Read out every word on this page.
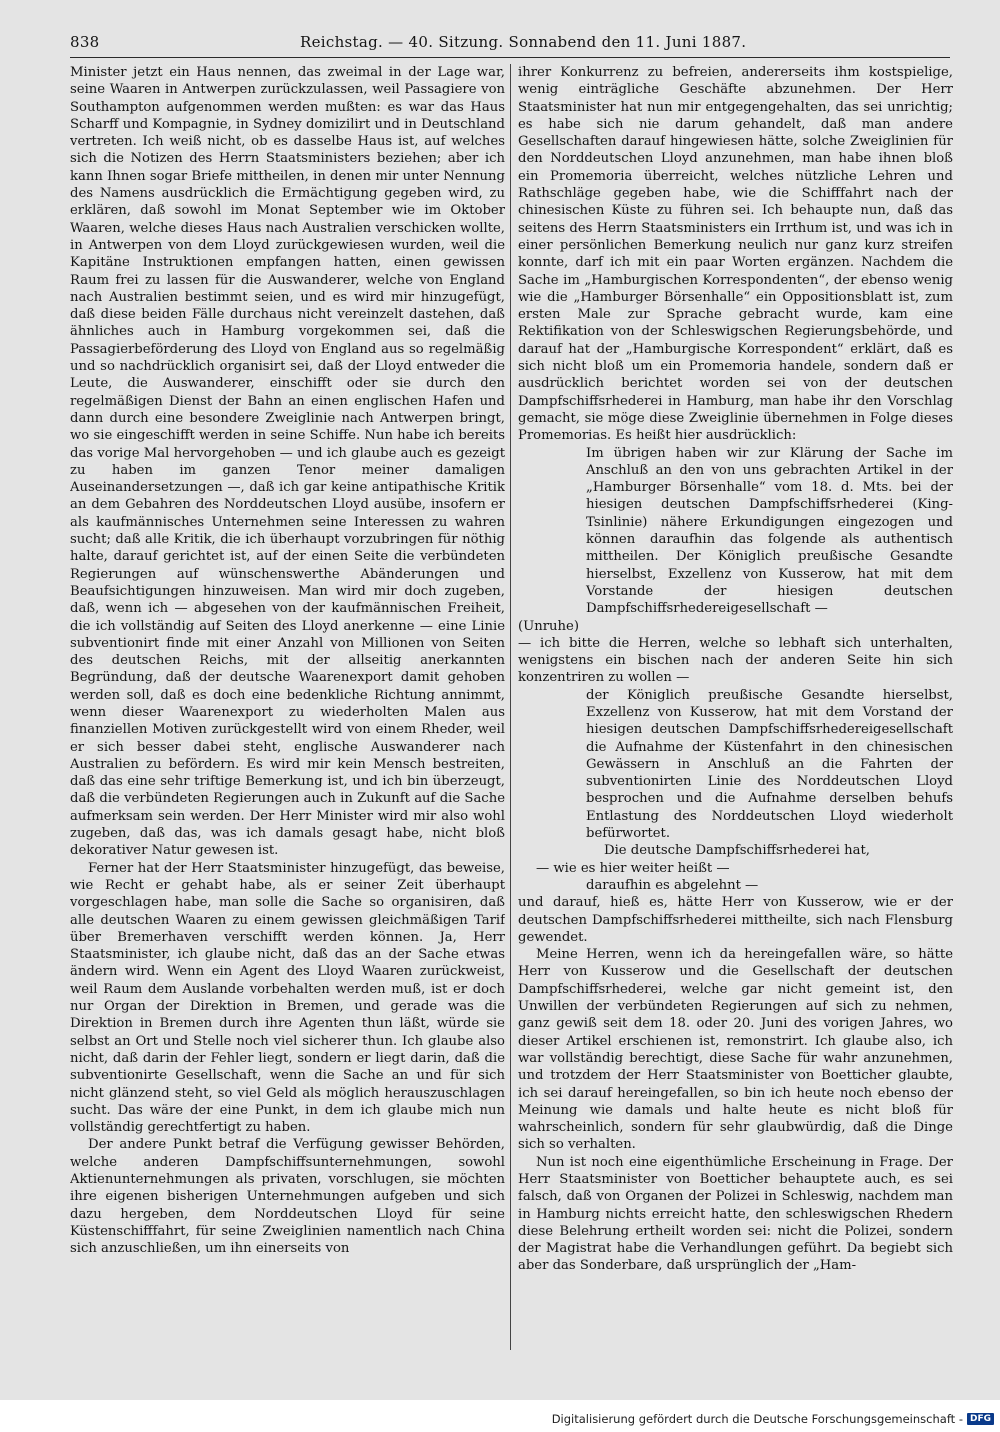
838	Reichstag. — 40. Sitzung. Sonnabend den 11. Juni 1887.

Minister jetzt ein Haus nennen, das zweimal in der Lage war, seine Waaren in Antwerpen zurückzulassen, weil Passagiere von Southampton aufgenommen werden mußten: es war das Haus Scharff und Kompagnie, in Sydney domizilirt und in Deutschland vertreten. Ich weiß nicht, ob es dasselbe Haus ist, auf welches sich die Notizen des Herrn Staatsministers beziehen; aber ich kann Ihnen sogar Briefe mittheilen, in denen mir unter Nennung des Namens ausdrücklich die Ermächtigung gegeben wird, zu erklären, daß sowohl im Monat September wie im Oktober Waaren, welche dieses Haus nach Australien verschicken wollte, in Antwerpen von dem Lloyd zurückgewiesen wurden, weil die Kapitäne Instruktionen empfangen hatten, einen gewissen Raum frei zu lassen für die Auswanderer, welche von England nach Australien bestimmt seien, und es wird mir hinzugefügt, daß diese beiden Fälle durchaus nicht vereinzelt dastehen, daß ähnliches auch in Hamburg vorgekommen sei, daß die Passagierbeförderung des Lloyd von England aus so regelmäßig und so nachdrücklich organisirt sei, daß der Lloyd entweder die Leute, die Auswanderer, einschifft oder sie durch den regelmäßigen Dienst der Bahn an einen englischen Hafen und dann durch eine besondere Zweiglinie nach Antwerpen bringt, wo sie eingeschifft werden in seine Schiffe. Nun habe ich bereits das vorige Mal hervorgehoben — und ich glaube auch es gezeigt zu haben im ganzen Tenor meiner damaligen Auseinandersetzungen —, daß ich gar keine antipathische Kritik an dem Gebahren des Norddeutschen Lloyd ausübe, insofern er als kaufmännisches Unternehmen seine Interessen zu wahren sucht; daß alle Kritik, die ich überhaupt vorzubringen für nöthig halte, darauf gerichtet ist, auf der einen Seite die verbündeten Regierungen auf wünschenswerthe Abänderungen und Beaufsichtigungen hinzuweisen. Man wird mir doch zugeben, daß, wenn ich — abgesehen von der kaufmännischen Freiheit, die ich vollständig auf Seiten des Lloyd anerkenne — eine Linie subventionirt finde mit einer Anzahl von Millionen von Seiten des deutschen Reichs, mit der allseitig anerkannten Begründung, daß der deutsche Waarenexport damit gehoben werden soll, daß es doch eine bedenkliche Richtung annimmt, wenn dieser Waarenexport zu wiederholten Malen aus finanziellen Motiven zurückgestellt wird von einem Rheder, weil er sich besser dabei steht, englische Auswanderer nach Australien zu befördern. Es wird mir kein Mensch bestreiten, daß das eine sehr triftige Bemerkung ist, und ich bin überzeugt, daß die verbündeten Regierungen auch in Zukunft auf die Sache aufmerksam sein werden. Der Herr Minister wird mir also wohl zugeben, daß das, was ich damals gesagt habe, nicht bloß dekorativer Natur gewesen ist.

Ferner hat der Herr Staatsminister hinzugefügt, das beweise, wie Recht er gehabt habe, als er seiner Zeit überhaupt vorgeschlagen habe, man solle die Sache so organisiren, daß alle deutschen Waaren zu einem gewissen gleichmäßigen Tarif über Bremerhaven verschifft werden können. Ja, Herr Staatsminister, ich glaube nicht, daß das an der Sache etwas ändern wird. Wenn ein Agent des Lloyd Waaren zurückweist, weil Raum dem Auslande vorbehalten werden muß, ist er doch nur Organ der Direktion in Bremen, und gerade was die Direktion in Bremen durch ihre Agenten thun läßt, würde sie selbst an Ort und Stelle noch viel sicherer thun. Ich glaube also nicht, daß darin der Fehler liegt, sondern er liegt darin, daß die subventionirte Gesellschaft, wenn die Sache an und für sich nicht glänzend steht, so viel Geld als möglich herauszuschlagen sucht. Das wäre der eine Punkt, in dem ich glaube mich nun vollständig gerechtfertigt zu haben.

Der andere Punkt betraf die Verfügung gewisser Behörden, welche anderen Dampfschiffsunternehmungen, sowohl Aktienunternehmungen als privaten, vorschlugen, sie möchten ihre eigenen bisherigen Unternehmungen aufgeben und sich dazu hergeben, dem Norddeutschen Lloyd für seine Küstenschifffahrt, für seine Zweiglinien namentlich nach China sich anzuschließen, um ihn einerseits von

ihrer Konkurrenz zu befreien, andererseits ihm kostspielige, wenig einträgliche Geschäfte abzunehmen. Der Herr Staatsminister hat nun mir entgegengehalten, das sei unrichtig; es habe sich nie darum gehandelt, daß man andere Gesellschaften darauf hingewiesen hätte, solche Zweiglinien für den Norddeutschen Lloyd anzunehmen, man habe ihnen bloß ein Promemoria überreicht, welches nützliche Lehren und Rathschläge gegeben habe, wie die Schifffahrt nach der chinesischen Küste zu führen sei. Ich behaupte nun, daß das seitens des Herrn Staatsministers ein Irrthum ist, und was ich in einer persönlichen Bemerkung neulich nur ganz kurz streifen konnte, darf ich mit ein paar Worten ergänzen. Nachdem die Sache im „Hamburgischen Korrespondenten“, der ebenso wenig wie die „Hamburger Börsenhalle“ ein Oppositionsblatt ist, zum ersten Male zur Sprache gebracht wurde, kam eine Rektifikation von der Schleswigschen Regierungsbehörde, und darauf hat der „Hamburgische Korrespondent“ erklärt, daß es sich nicht bloß um ein Promemoria handele, sondern daß er ausdrücklich berichtet worden sei von der deutschen Dampfschiffsrhederei in Hamburg, man habe ihr den Vorschlag gemacht, sie möge diese Zweiglinie übernehmen in Folge dieses Promemorias. Es heißt hier ausdrücklich:

Im übrigen haben wir zur Klärung der Sache im Anschluß an den von uns gebrachten Artikel in der „Hamburger Börsenhalle“ vom 18. d. Mts. bei der hiesigen deutschen Dampfschiffsrhederei (King-Tsinlinie) nähere Erkundigungen eingezogen und können daraufhin das folgende als authentisch mittheilen. Der Königlich preußische Gesandte hierselbst, Exzellenz von Kusserow, hat mit dem Vorstande der hiesigen deutschen Dampfschiffsrhedereigesellschaft —

(Unruhe)

— ich bitte die Herren, welche so lebhaft sich unterhalten, wenigstens ein bischen nach der anderen Seite hin sich konzentriren zu wollen —

der Königlich preußische Gesandte hierselbst, Exzellenz von Kusserow, hat mit dem Vorstand der hiesigen deutschen Dampfschiffsrhedereigesellschaft die Aufnahme der Küstenfahrt in den chinesischen Gewässern in Anschluß an die Fahrten der subventionirten Linie des Norddeutschen Lloyd besprochen und die Aufnahme derselben behufs Entlastung des Norddeutschen Lloyd wiederholt befürwortet.

Die deutsche Dampfschiffsrhederei hat,

— wie es hier weiter heißt —

daraufhin es abgelehnt —

und darauf, hieß es, hätte Herr von Kusserow, wie er der deutschen Dampfschiffsrhederei mittheilte, sich nach Flensburg gewendet.

Meine Herren, wenn ich da hereingefallen wäre, so hätte Herr von Kusserow und die Gesellschaft der deutschen Dampfschiffsrhederei, welche gar nicht gemeint ist, den Unwillen der verbündeten Regierungen auf sich zu nehmen, ganz gewiß seit dem 18. oder 20. Juni des vorigen Jahres, wo dieser Artikel erschienen ist, remonstrirt. Ich glaube also, ich war vollständig berechtigt, diese Sache für wahr anzunehmen, und trotzdem der Herr Staatsminister von Boetticher glaubte, ich sei darauf hereingefallen, so bin ich heute noch ebenso der Meinung wie damals und halte heute es nicht bloß für wahrscheinlich, sondern für sehr glaubwürdig, daß die Dinge sich so verhalten.

Nun ist noch eine eigenthümliche Erscheinung in Frage. Der Herr Staatsminister von Boetticher behauptete auch, es sei falsch, daß von Organen der Polizei in Schleswig, nachdem man in Hamburg nichts erreicht hatte, den schleswigschen Rhedern diese Belehrung ertheilt worden sei: nicht die Polizei, sondern der Magistrat habe die Verhandlungen geführt. Da begiebt sich aber das Sonderbare, daß ursprünglich der „Ham-

Digitalisierung gefördert durch die Deutsche Forschungsgemeinschaft - DFG
